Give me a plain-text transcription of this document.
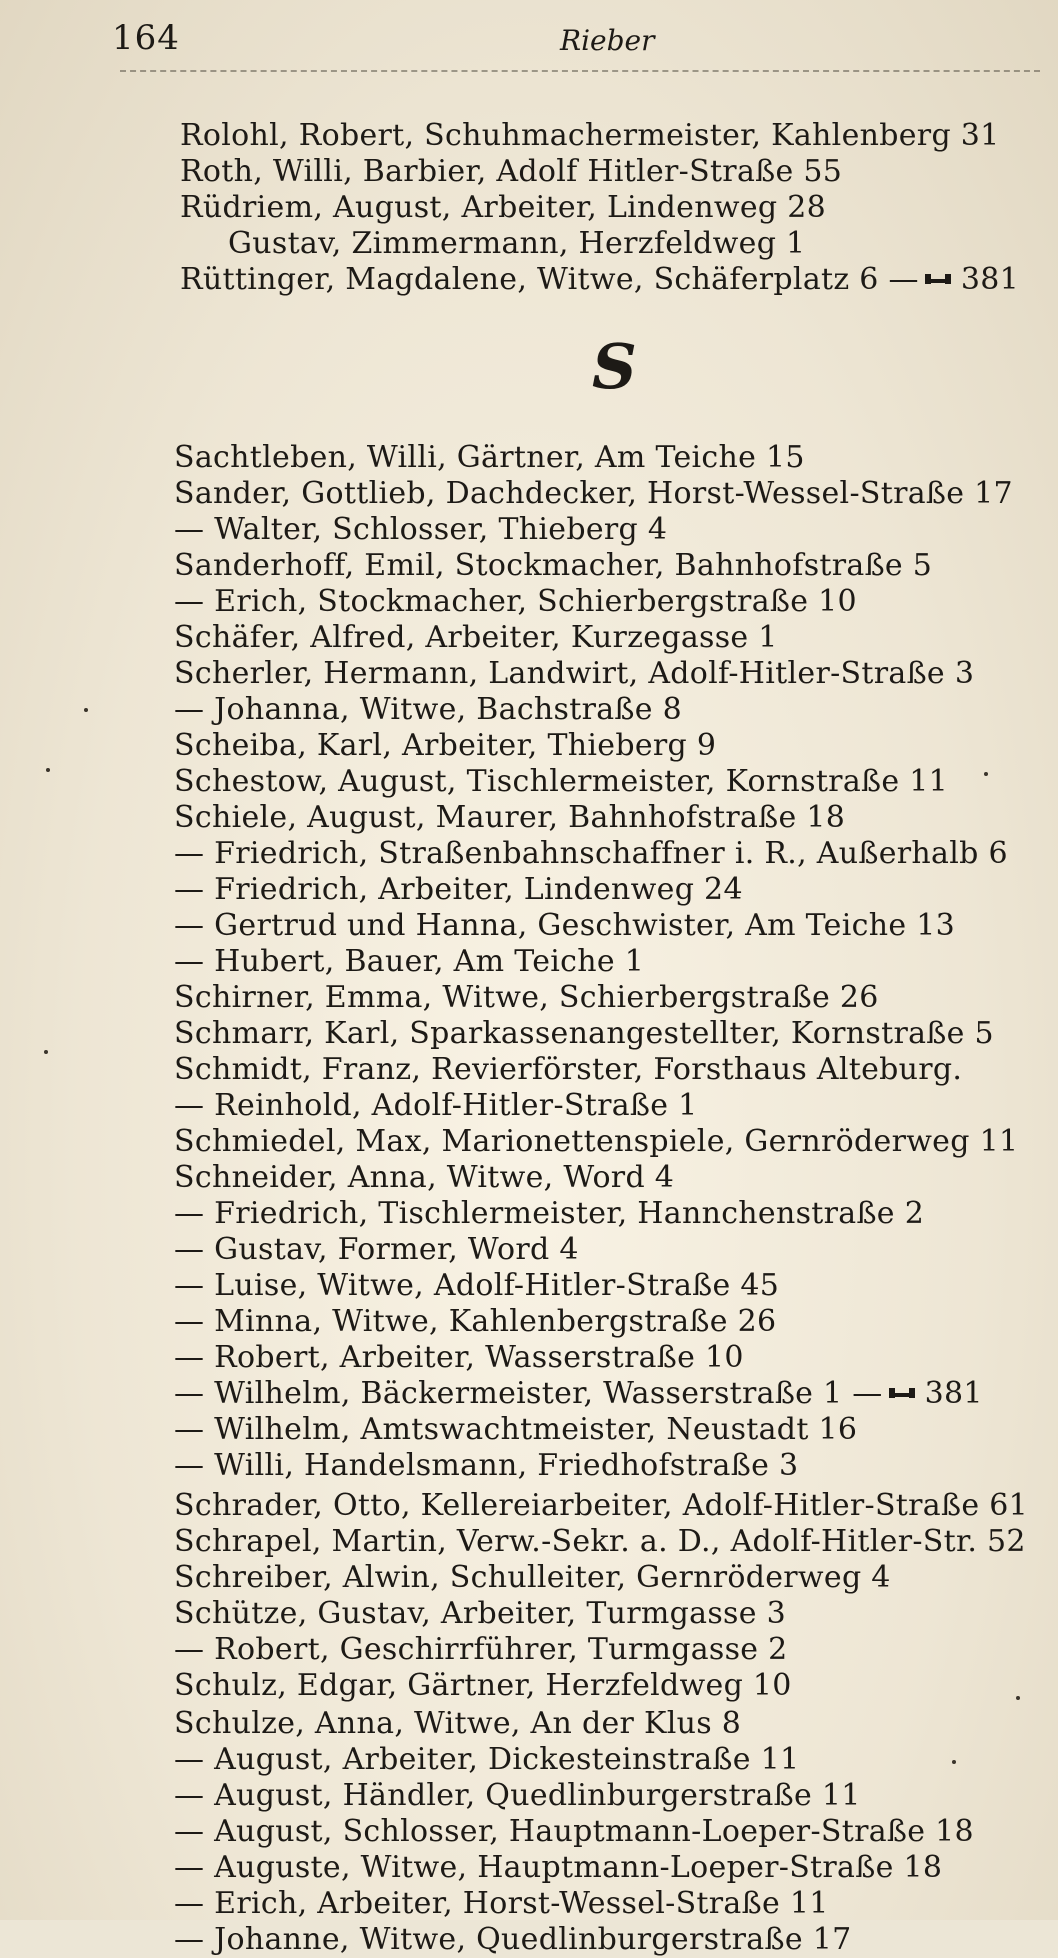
164	Rieber
Rolohl, Robert, Schuhmachermeister, Kahlenberg 31
Roth, Willi, Barbier, Adolf Hitler-Straße 55
Rüdriem, August, Arbeiter, Lindenweg 28
Gustav, Zimmermann, Herzfeldweg 1
Rüttinger, Magdalene, Witwe, Schäferplatz 6 — 381
S
Sachtleben, Willi, Gärtner, Am Teiche 15
Sander, Gottlieb, Dachdecker, Horst-Wessel-Straße 17
— Walter, Schlosser, Thieberg 4
Sanderhoff, Emil, Stockmacher, Bahnhofstraße 5
— Erich, Stockmacher, Schierbergstraße 10
Schäfer, Alfred, Arbeiter, Kurzegasse 1
Scherler, Hermann, Landwirt, Adolf-Hitler-Straße 3
— Johanna, Witwe, Bachstraße 8
Scheiba, Karl, Arbeiter, Thieberg 9
Schestow, August, Tischlermeister, Kornstraße 11
Schiele, August, Maurer, Bahnhofstraße 18
— Friedrich, Straßenbahnschaffner i. R., Außerhalb 6
— Friedrich, Arbeiter, Lindenweg 24
— Gertrud und Hanna, Geschwister, Am Teiche 13
— Hubert, Bauer, Am Teiche 1
Schirner, Emma, Witwe, Schierbergstraße 26
Schmarr, Karl, Sparkassenangestellter, Kornstraße 5
Schmidt, Franz, Revierförster, Forsthaus Alteburg.
— Reinhold, Adolf-Hitler-Straße 1
Schmiedel, Max, Marionettenspiele, Gernröderweg 11
Schneider, Anna, Witwe, Word 4
— Friedrich, Tischlermeister, Hannchenstraße 2
— Gustav, Former, Word 4
— Luise, Witwe, Adolf-Hitler-Straße 45
— Minna, Witwe, Kahlenbergstraße 26
— Robert, Arbeiter, Wasserstraße 10
— Wilhelm, Bäckermeister, Wasserstraße 1 — 381
— Wilhelm, Amtswachtmeister, Neustadt 16
— Willi, Handelsmann, Friedhofstraße 3
Schrader, Otto, Kellereiarbeiter, Adolf-Hitler-Straße 61
Schrapel, Martin, Verw.-Sekr. a. D., Adolf-Hitler-Str. 52
Schreiber, Alwin, Schulleiter, Gernröderweg 4
Schütze, Gustav, Arbeiter, Turmgasse 3
— Robert, Geschirrführer, Turmgasse 2
Schulz, Edgar, Gärtner, Herzfeldweg 10
Schulze, Anna, Witwe, An der Klus 8
— August, Arbeiter, Dickesteinstraße 11
— August, Händler, Quedlinburgerstraße 11
— August, Schlosser, Hauptmann-Loeper-Straße 18
— Auguste, Witwe, Hauptmann-Loeper-Straße 18
— Erich, Arbeiter, Horst-Wessel-Straße 11
— Johanne, Witwe, Quedlinburgerstraße 17
